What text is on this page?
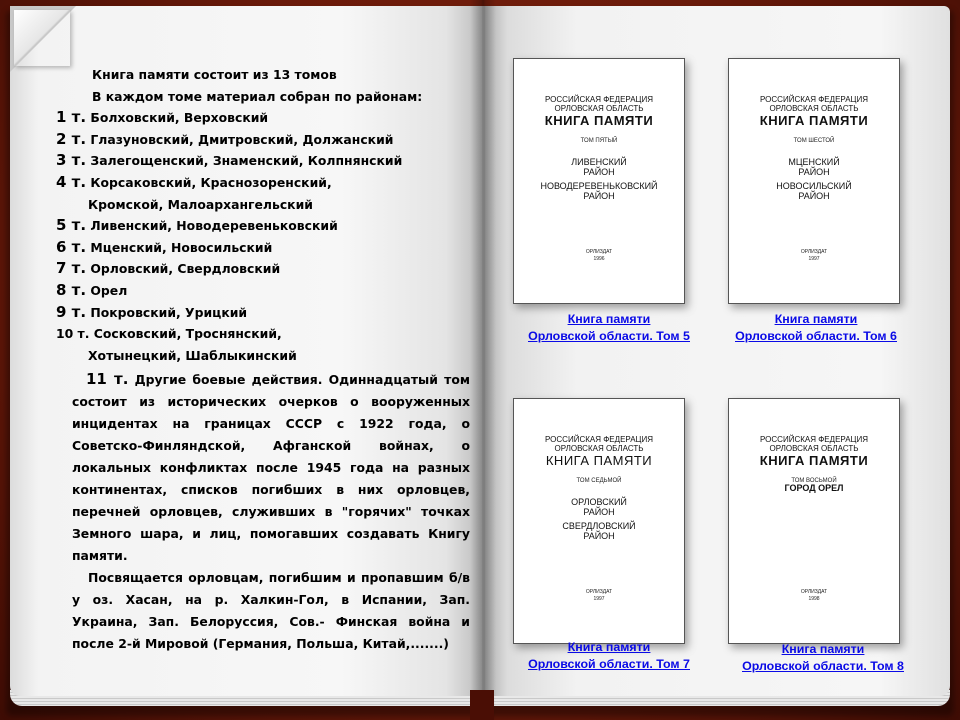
Книга памяти состоит из 13 томов
В каждом томе материал собран по районам:
1 т. Болховский, Верховский
2 т. Глазуновский, Дмитровский, Должанский
3 т. Залегощенский, Знаменский, Колпнянский
4 т. Корсаковский, Краснозоренский,
Кромской, Малоархангельский
5 т. Ливенский, Новодеревеньковский
6 т. Мценский, Новосильский
7 т. Орловский, Свердловский
8 т. Орел
9 т. Покровский, Урицкий
10 т. Сосковский, Троснянский,
Хотынецкий, Шаблыкинский
11 т. Другие боевые действия. Одиннадцатый том состоит из исторических очерков о вооруженных инцидентах на границах СССР с 1922 года, о Советско-Финляндской, Афганской войнах, о локальных конфликтах после 1945 года на разных континентах, списков погибших в них орловцев, перечней орловцев, служивших в "горячих" точках Земного шара, и лиц, помогавших создавать Книгу памяти.
Посвящается орловцам, погибшим и пропавшим б/в у оз. Хасан, на р. Халкин-Гол, в Испании, Зап. Украина, Зап. Белоруссия, Сов.- Финская война и после 2-й Мировой (Германия, Польша, Китай,.......)
РОССИЙСКАЯ ФЕДЕРАЦИЯ
ОРЛОВСКАЯ ОБЛАСТЬ
КНИГА ПАМЯТИ
ТОМ ПЯТЫЙ
ЛИВЕНСКИЙ
РАЙОН
НОВОДЕРЕВЕНЬКОВСКИЙ
РАЙОН
ОРЛИЗДАТ
1996
Книга памяти
Орловской области. Том 5
РОССИЙСКАЯ ФЕДЕРАЦИЯ
ОРЛОВСКАЯ ОБЛАСТЬ
КНИГА ПАМЯТИ
ТОМ ШЕСТОЙ
МЦЕНСКИЙ
РАЙОН
НОВОСИЛЬСКИЙ
РАЙОН
ОРЛИЗДАТ
1997
Книга памяти
Орловской области. Том 6
РОССИЙСКАЯ ФЕДЕРАЦИЯ
ОРЛОВСКАЯ ОБЛАСТЬ
КНИГА ПАМЯТИ
ТОМ СЕДЬМОЙ
ОРЛОВСКИЙ
РАЙОН
СВЕРДЛОВСКИЙ
РАЙОН
ОРЛИЗДАТ
1997
Книга памяти
Орловской области. Том 7
РОССИЙСКАЯ ФЕДЕРАЦИЯ
ОРЛОВСКАЯ ОБЛАСТЬ
КНИГА ПАМЯТИ
ТОМ ВОСЬМОЙ
ГОРОД ОРЕЛ
ОРЛИЗДАТ
1998
Книга памяти
Орловской области. Том 8
